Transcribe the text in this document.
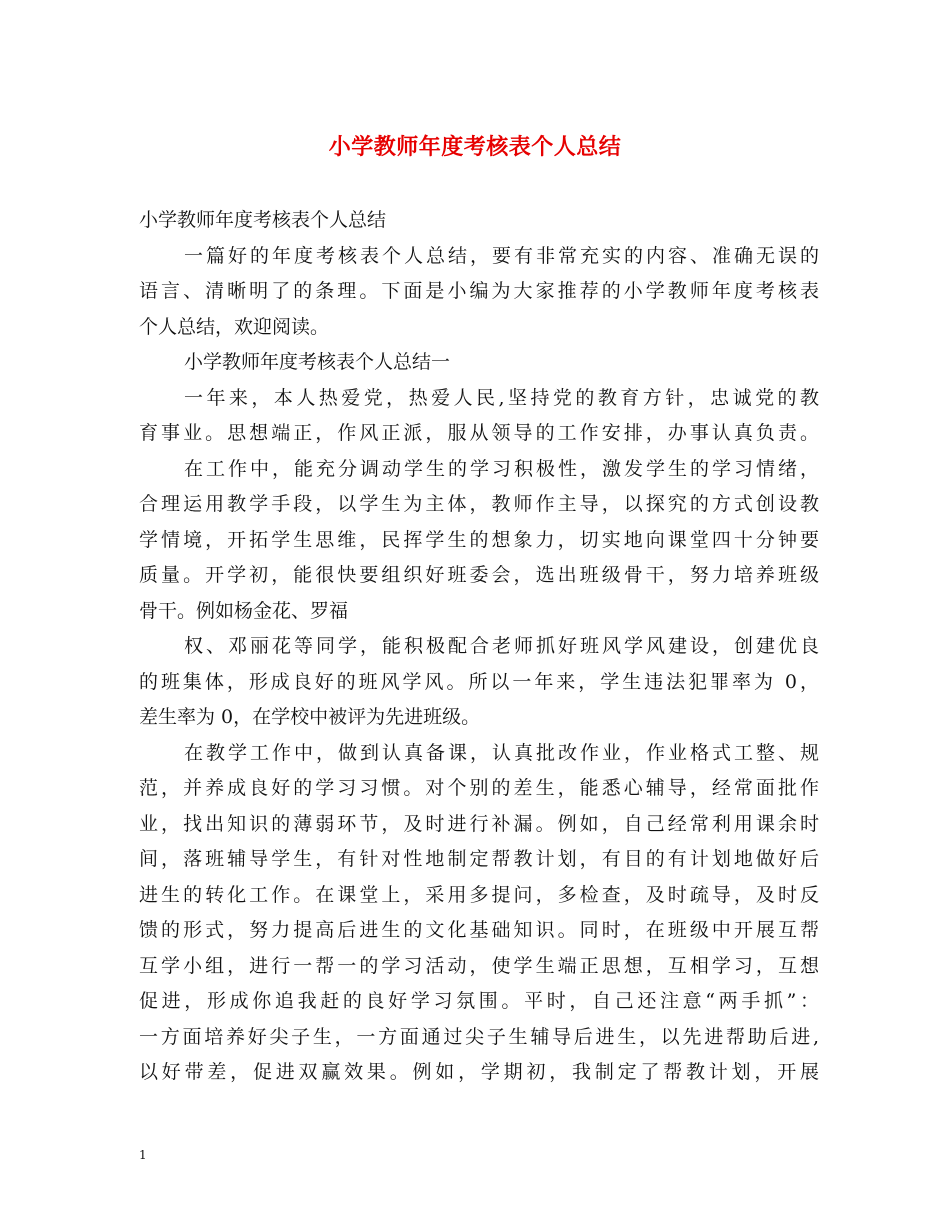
小学教师年度考核表个人总结
小学教师年度考核表个人总结
一篇好的年度考核表个人总结，要有非常充实的内容、准确无误的
语言、清晰明了的条理。下面是小编为大家推荐的小学教师年度考核表
个人总结，欢迎阅读。
小学教师年度考核表个人总结一
一年来，本人热爱党，热爱人民,坚持党的教育方针，忠诚党的教
育事业。思想端正，作风正派，服从领导的工作安排，办事认真负责。
在工作中，能充分调动学生的学习积极性，激发学生的学习情绪，
合理运用教学手段，以学生为主体，教师作主导，以探究的方式创设教
学情境，开拓学生思维，民挥学生的想象力，切实地向课堂四十分钟要
质量。开学初，能很快要组织好班委会，选出班级骨干，努力培养班级
骨干。例如杨金花、罗福
权、邓丽花等同学，能积极配合老师抓好班风学风建设，创建优良
的班集体，形成良好的班风学风。所以一年来，学生违法犯罪率为 0，
差生率为 0，在学校中被评为先进班级。
在教学工作中，做到认真备课，认真批改作业，作业格式工整、规
范，并养成良好的学习习惯。对个别的差生，能悉心辅导，经常面批作
业，找出知识的薄弱环节，及时进行补漏。例如，自己经常利用课余时
间，落班辅导学生，有针对性地制定帮教计划，有目的有计划地做好后
进生的转化工作。在课堂上，采用多提问，多检查，及时疏导，及时反
馈的形式，努力提高后进生的文化基础知识。同时，在班级中开展互帮
互学小组，进行一帮一的学习活动，使学生端正思想，互相学习，互想
促进，形成你追我赶的良好学习氛围。平时，自己还注意“两手抓”：
一方面培养好尖子生，一方面通过尖子生辅导后进生，以先进帮助后进,
以好带差，促进双赢效果。例如，学期初，我制定了帮教计划，开展
1
